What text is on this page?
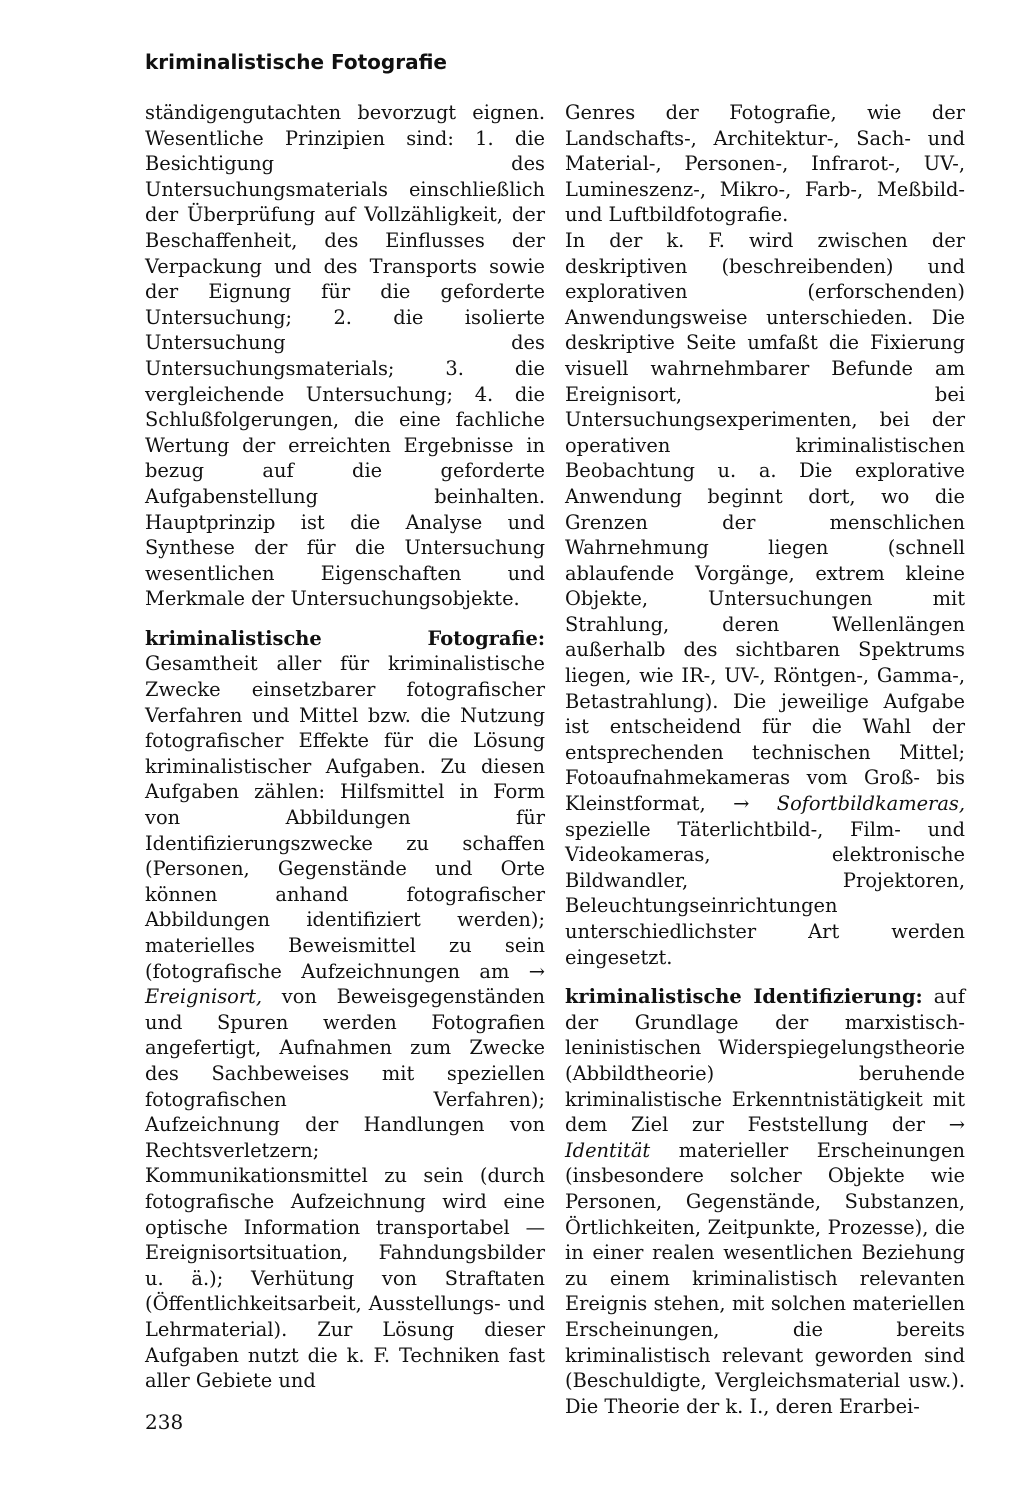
kriminalistische Fotografie

ständigengutachten bevorzugt eignen. Wesentliche Prinzipien sind: 1. die Besichtigung des Untersuchungsmaterials einschließlich der Überprüfung auf Vollzähligkeit, der Beschaffenheit, des Einflusses der Verpackung und des Transports sowie der Eignung für die geforderte Untersuchung; 2. die isolierte Untersuchung des Untersuchungsmaterials; 3. die vergleichende Untersuchung; 4. die Schlußfolgerungen, die eine fachliche Wertung der erreichten Ergebnisse in bezug auf die geforderte Aufgabenstellung beinhalten. Hauptprinzip ist die Analyse und Synthese der für die Untersuchung wesentlichen Eigenschaften und Merkmale der Untersuchungsobjekte.

kriminalistische Fotografie: Gesamtheit aller für kriminalistische Zwecke einsetzbarer fotografischer Verfahren und Mittel bzw. die Nutzung fotografischer Effekte für die Lösung kriminalistischer Aufgaben. Zu diesen Aufgaben zählen: Hilfsmittel in Form von Abbildungen für Identifizierungszwecke zu schaffen (Personen, Gegenstände und Orte können anhand fotografischer Abbildungen identifiziert werden); materielles Beweismittel zu sein (fotografische Aufzeichnungen am → Ereignisort, von Beweisgegenständen und Spuren werden Fotografien angefertigt, Aufnahmen zum Zwecke des Sachbeweises mit speziellen fotografischen Verfahren); Aufzeichnung der Handlungen von Rechtsverletzern; Kommunikationsmittel zu sein (durch fotografische Aufzeichnung wird eine optische Information transportabel — Ereignisortsituation, Fahndungsbilder u. ä.); Verhütung von Straftaten (Öffentlichkeitsarbeit, Ausstellungs- und Lehrmaterial). Zur Lösung dieser Aufgaben nutzt die k. F. Techniken fast aller Gebiete und

Genres der Fotografie, wie der Landschafts-, Architektur-, Sach- und Material-, Personen-, Infrarot-, UV-, Lumineszenz-, Mikro-, Farb-, Meßbild- und Luftbildfotografie.

In der k. F. wird zwischen der deskriptiven (beschreibenden) und explorativen (erforschenden) Anwendungsweise unterschieden. Die deskriptive Seite umfaßt die Fixierung visuell wahrnehmbarer Befunde am Ereignisort, bei Untersuchungsexperimenten, bei der operativen kriminalistischen Beobachtung u. a. Die explorative Anwendung beginnt dort, wo die Grenzen der menschlichen Wahrnehmung liegen (schnell ablaufende Vorgänge, extrem kleine Objekte, Untersuchungen mit Strahlung, deren Wellenlängen außerhalb des sichtbaren Spektrums liegen, wie IR-, UV-, Röntgen-, Gamma-, Betastrahlung). Die jeweilige Aufgabe ist entscheidend für die Wahl der entsprechenden technischen Mittel; Fotoaufnahmekameras vom Groß- bis Kleinstformat, → Sofortbildkameras, spezielle Täterlichtbild-, Film- und Videokameras, elektronische Bildwandler, Projektoren, Beleuchtungseinrichtungen unterschiedlichster Art werden eingesetzt.

kriminalistische Identifizierung: auf der Grundlage der marxistisch-leninistischen Widerspiegelungstheorie (Abbildtheorie) beruhende kriminalistische Erkenntnistätigkeit mit dem Ziel zur Feststellung der → Identität materieller Erscheinungen (insbesondere solcher Objekte wie Personen, Gegenstände, Substanzen, Örtlichkeiten, Zeitpunkte, Prozesse), die in einer realen wesentlichen Beziehung zu einem kriminalistisch relevanten Ereignis stehen, mit solchen materiellen Erscheinungen, die bereits kriminalistisch relevant geworden sind (Beschuldigte, Vergleichsmaterial usw.). Die Theorie der k. I., deren Erarbei-

238
